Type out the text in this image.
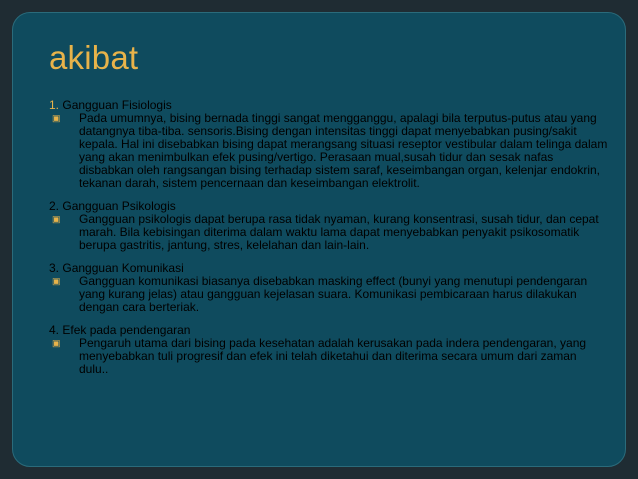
akibat
1. Gangguan Fisiologis
▣ Pada umumnya, bising bernada tinggi sangat mengganggu, apalagi bila terputus-putus atau yang datangnya tiba-tiba. sensoris.Bising dengan intensitas tinggi dapat menyebabkan pusing/sakit kepala. Hal ini disebabkan bising dapat merangsang situasi reseptor vestibular dalam telinga dalam yang akan menimbulkan efek pusing/vertigo. Perasaan mual,susah tidur dan sesak nafas disbabkan oleh rangsangan bising terhadap sistem saraf, keseimbangan organ, kelenjar endokrin, tekanan darah, sistem pencernaan dan keseimbangan elektrolit.
2. Gangguan Psikologis
▣ Gangguan psikologis dapat berupa rasa tidak nyaman, kurang konsentrasi, susah tidur, dan cepat marah. Bila kebisingan diterima dalam waktu lama dapat menyebabkan penyakit psikosomatik berupa gastritis, jantung, stres, kelelahan dan lain-lain.
3. Gangguan Komunikasi
▣ Gangguan komunikasi biasanya disebabkan masking effect (bunyi yang menutupi pendengaran yang kurang jelas) atau gangguan kejelasan suara. Komunikasi pembicaraan harus dilakukan dengan cara berteriak.
4. Efek pada pendengaran
▣ Pengaruh utama dari bising pada kesehatan adalah kerusakan pada indera pendengaran, yang menyebabkan tuli progresif dan efek ini telah diketahui dan diterima secara umum dari zaman dulu..
